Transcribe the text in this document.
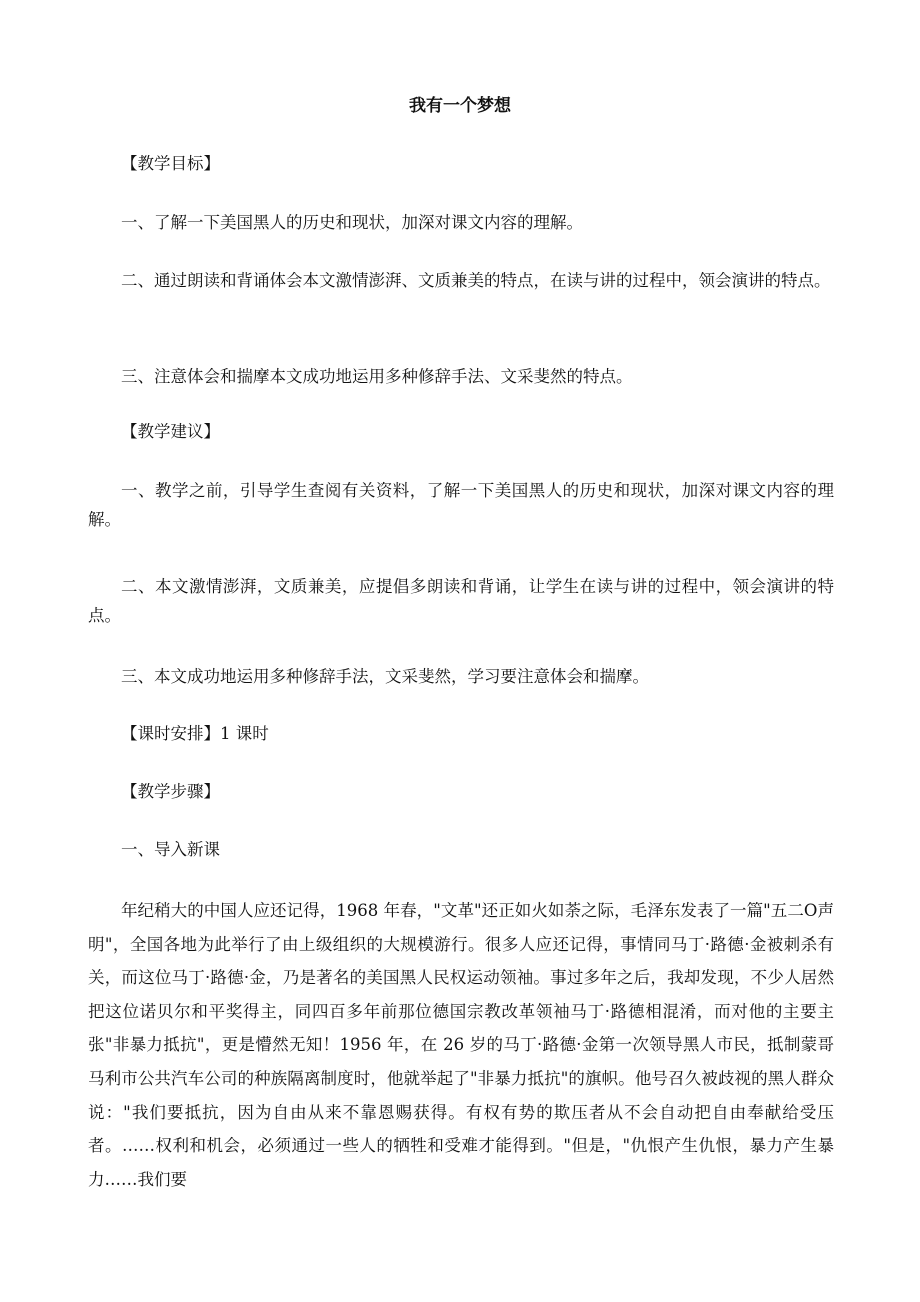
我有一个梦想

【教学目标】

一、了解一下美国黑人的历史和现状，加深对课文内容的理解。

二、通过朗读和背诵体会本文激情澎湃、文质兼美的特点，在读与讲的过程中，领会演讲的特点。

三、注意体会和揣摩本文成功地运用多种修辞手法、文采斐然的特点。

【教学建议】

一、教学之前，引导学生查阅有关资料，了解一下美国黑人的历史和现状，加深对课文内容的理解。

二、本文激情澎湃，文质兼美，应提倡多朗读和背诵，让学生在读与讲的过程中，领会演讲的特点。

三、本文成功地运用多种修辞手法，文采斐然，学习要注意体会和揣摩。

【课时安排】1 课时

【教学步骤】

一、导入新课

年纪稍大的中国人应还记得，1968 年春，"文革"还正如火如荼之际，毛泽东发表了一篇"五二O声明"，全国各地为此举行了由上级组织的大规模游行。很多人应还记得，事情同马丁·路德·金被刺杀有关，而这位马丁·路德·金，乃是著名的美国黑人民权运动领袖。事过多年之后，我却发现，不少人居然把这位诺贝尔和平奖得主，同四百多年前那位德国宗教改革领袖马丁·路德相混淆，而对他的主要主张"非暴力抵抗"，更是懵然无知！1956 年，在 26 岁的马丁·路德·金第一次领导黑人市民，抵制蒙哥马利市公共汽车公司的种族隔离制度时，他就举起了"非暴力抵抗"的旗帜。他号召久被歧视的黑人群众说："我们要抵抗，因为自由从来不靠恩赐获得。有权有势的欺压者从不会自动把自由奉献给受压者。……权利和机会，必须通过一些人的牺牲和受难才能得到。"但是，"仇恨产生仇恨，暴力产生暴力……我们要
